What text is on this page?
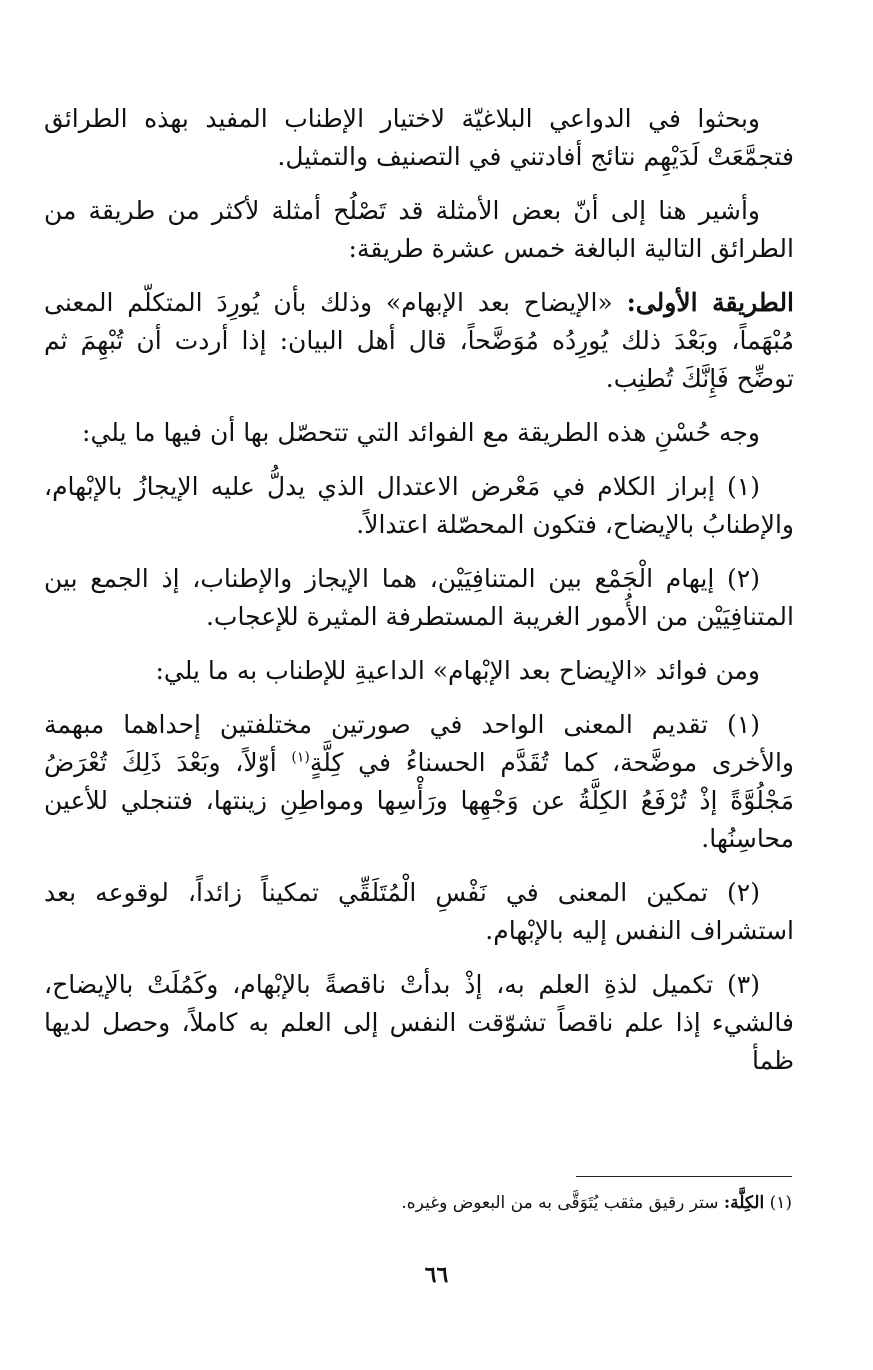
وبحثوا في الدواعي البلاغيّة لاختيار الإطناب المفيد بهذه الطرائق فتجمَّعَتْ لَدَيْهِم نتائج أفادتني في التصنيف والتمثيل.

وأشير هنا إلى أنّ بعض الأمثلة قد تَصْلُح أمثلة لأكثر من طريقة من الطرائق التالية البالغة خمس عشرة طريقة:

الطريقة الأولى: «الإيضاح بعد الإبهام» وذلك بأن يُورِدَ المتكلّم المعنى مُبْهَماً، وبَعْدَ ذلك يُورِدُه مُوَضَّحاً، قال أهل البيان: إذا أردت أن تُبْهِمَ ثم توضِّح فَإِنَّكَ تُطنِب.

وجه حُسْنِ هذه الطريقة مع الفوائد التي تتحصّل بها أن فيها ما يلي:

(١) إبراز الكلام في مَعْرض الاعتدال الذي يدلُّ عليه الإيجازُ بالإبْهام، والإطنابُ بالإيضاح، فتكون المحصّلة اعتدالاً.

(٢) إيهام الْجَمْع بين المتنافِيَيْن، هما الإيجاز والإطناب، إذ الجمع بين المتنافِيَيْن من الأُمور الغريبة المستطرفة المثيرة للإعجاب.

ومن فوائد «الإيضاح بعد الإبْهام» الداعيةِ للإطناب به ما يلي:

(١) تقديم المعنى الواحد في صورتين مختلفتين إحداهما مبهمة والأخرى موضَّحة، كما تُقَدَّم الحسناءُ في كِلَّةٍ$^{(١)}$ أوّلاً، وبَعْدَ ذَلِكَ تُعْرَضُ مَجْلُوَّةً إذْ تُرْفَعُ الكِلَّةُ عن وَجْهِها ورَأْسِها ومواطِنِ زينتها، فتنجلي للأعين محاسِنُها.

(٢) تمكين المعنى في نَفْسِ الْمُتَلَقِّي تمكيناً زائداً، لوقوعه بعد استشراف النفس إليه بالإبْهام.

(٣) تكميل لذةِ العلم به، إذْ بدأتْ ناقصةً بالإبْهام، وكَمُلَتْ بالإيضاح، فالشيء إذا علم ناقصاً تشوّقت النفس إلى العلم به كاملاً، وحصل لديها ظمأ

(١) الكِلَّة: ستر رقيق مثقب يُتَوَقَّى به من البعوض وغيره.
٦٦
